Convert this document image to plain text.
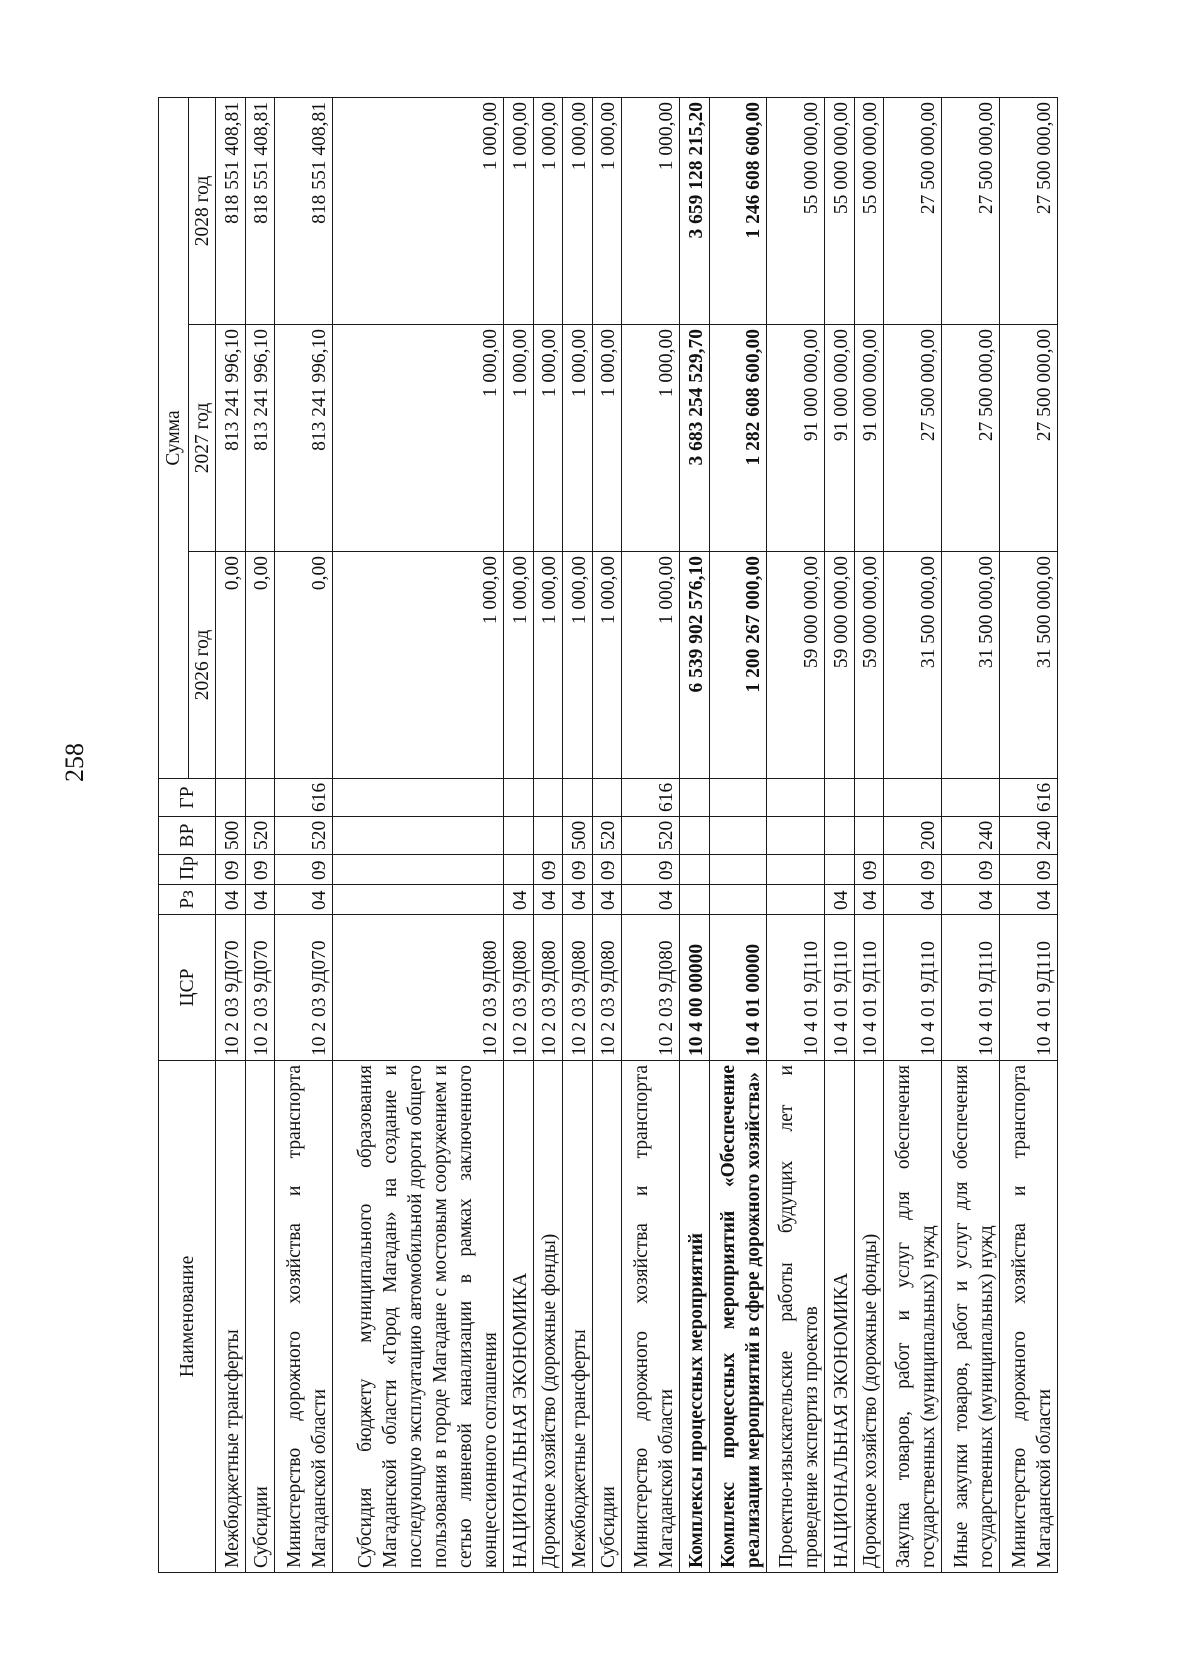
258
Наименование	ЦСР	Рз	Пр	ВР	ГР	Сумма		
						2026 год	2027 год	2028 год
Межбюджетные трансферты	10 2 03 9Д070	04	09	500		0,00	813 241 996,10	818 551 408,81
Субсидии	10 2 03 9Д070	04	09	520		0,00	813 241 996,10	818 551 408,81
Министерство дорожного хозяйства и транспорта Магаданской области	10 2 03 9Д070	04	09	520	616	0,00	813 241 996,10	818 551 408,81
Субсидия бюджету муниципального образования Магаданской области «Город Магадан» на создание и последующую эксплуатацию автомобильной дороги общего пользования в городе Магадане с мостовым сооружением и сетью ливневой канализации в рамках заключенного концессионного соглашения	10 2 03 9Д080					1 000,00	1 000,00	1 000,00
НАЦИОНАЛЬНАЯ ЭКОНОМИКА	10 2 03 9Д080	04				1 000,00	1 000,00	1 000,00
Дорожное хозяйство (дорожные фонды)	10 2 03 9Д080	04	09			1 000,00	1 000,00	1 000,00
Межбюджетные трансферты	10 2 03 9Д080	04	09	500		1 000,00	1 000,00	1 000,00
Субсидии	10 2 03 9Д080	04	09	520		1 000,00	1 000,00	1 000,00
Министерство дорожного хозяйства и транспорта Магаданской области	10 2 03 9Д080	04	09	520	616	1 000,00	1 000,00	1 000,00
Комплексы процессных мероприятий	10 4 00 00000					6 539 902 576,10	3 683 254 529,70	3 659 128 215,20
Комплекс процессных мероприятий «Обеспечение реализации мероприятий в сфере дорожного хозяйства»	10 4 01 00000					1 200 267 000,00	1 282 608 600,00	1 246 608 600,00
Проектно-изыскательские работы будущих лет и проведение экспертиз проектов	10 4 01 9Д110					59 000 000,00	91 000 000,00	55 000 000,00
НАЦИОНАЛЬНАЯ ЭКОНОМИКА	10 4 01 9Д110	04				59 000 000,00	91 000 000,00	55 000 000,00
Дорожное хозяйство (дорожные фонды)	10 4 01 9Д110	04	09			59 000 000,00	91 000 000,00	55 000 000,00
Закупка товаров, работ и услуг для обеспечения государственных (муниципальных) нужд	10 4 01 9Д110	04	09	200		31 500 000,00	27 500 000,00	27 500 000,00
Иные закупки товаров, работ и услуг для обеспечения государственных (муниципальных) нужд	10 4 01 9Д110	04	09	240		31 500 000,00	27 500 000,00	27 500 000,00
Министерство дорожного хозяйства и транспорта Магаданской области	10 4 01 9Д110	04	09	240	616	31 500 000,00	27 500 000,00	27 500 000,00
